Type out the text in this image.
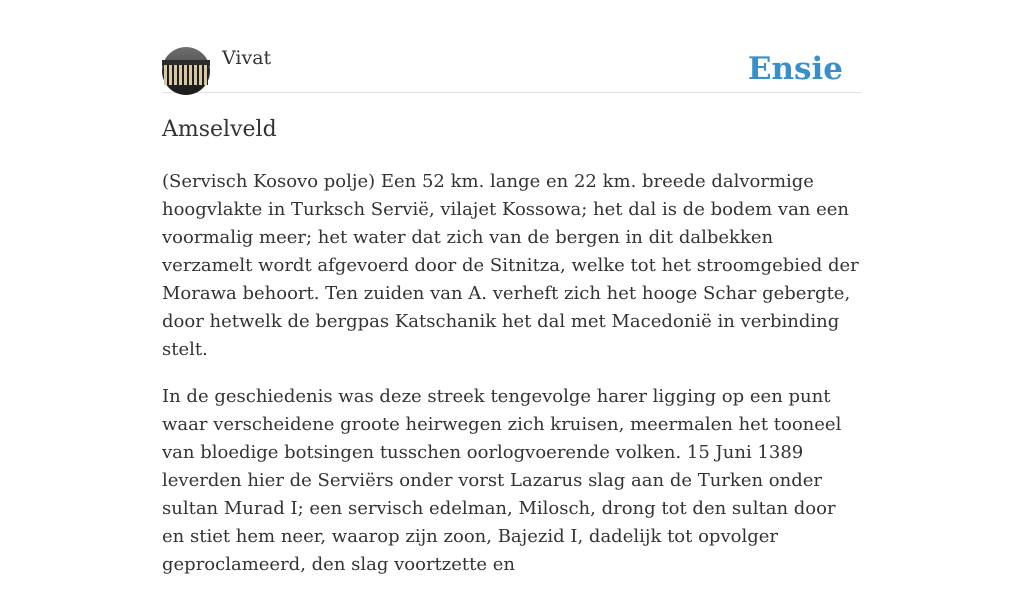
Vivat	Ensie
Amselveld

(Servisch Kosovo polje) Een 52 km. lange en 22 km. breede dalvormige hoogvlakte in Turksch Servië, vilajet Kossowa; het dal is de bodem van een voormalig meer; het water dat zich van de bergen in dit dalbekken verzamelt wordt afgevoerd door de Sitnitza, welke tot het stroomgebied der Morawa behoort. Ten zuiden van A. verheft zich het hooge Schar gebergte, door hetwelk de bergpas Katschanik het dal met Macedonië in verbinding stelt.

In de geschiedenis was deze streek tengevolge harer ligging op een punt waar verscheidene groote heirwegen zich kruisen, meermalen het tooneel van bloedige botsingen tusschen oorlogvoerende volken. 15 Juni 1389 leverden hier de Serviërs onder vorst Lazarus slag aan de Turken onder sultan Murad I; een servisch edelman, Milosch, drong tot den sultan door en stiet hem neer, waarop zijn zoon, Bajezid I, dadelijk tot opvolger geproclameerd, den slag voortzette en
